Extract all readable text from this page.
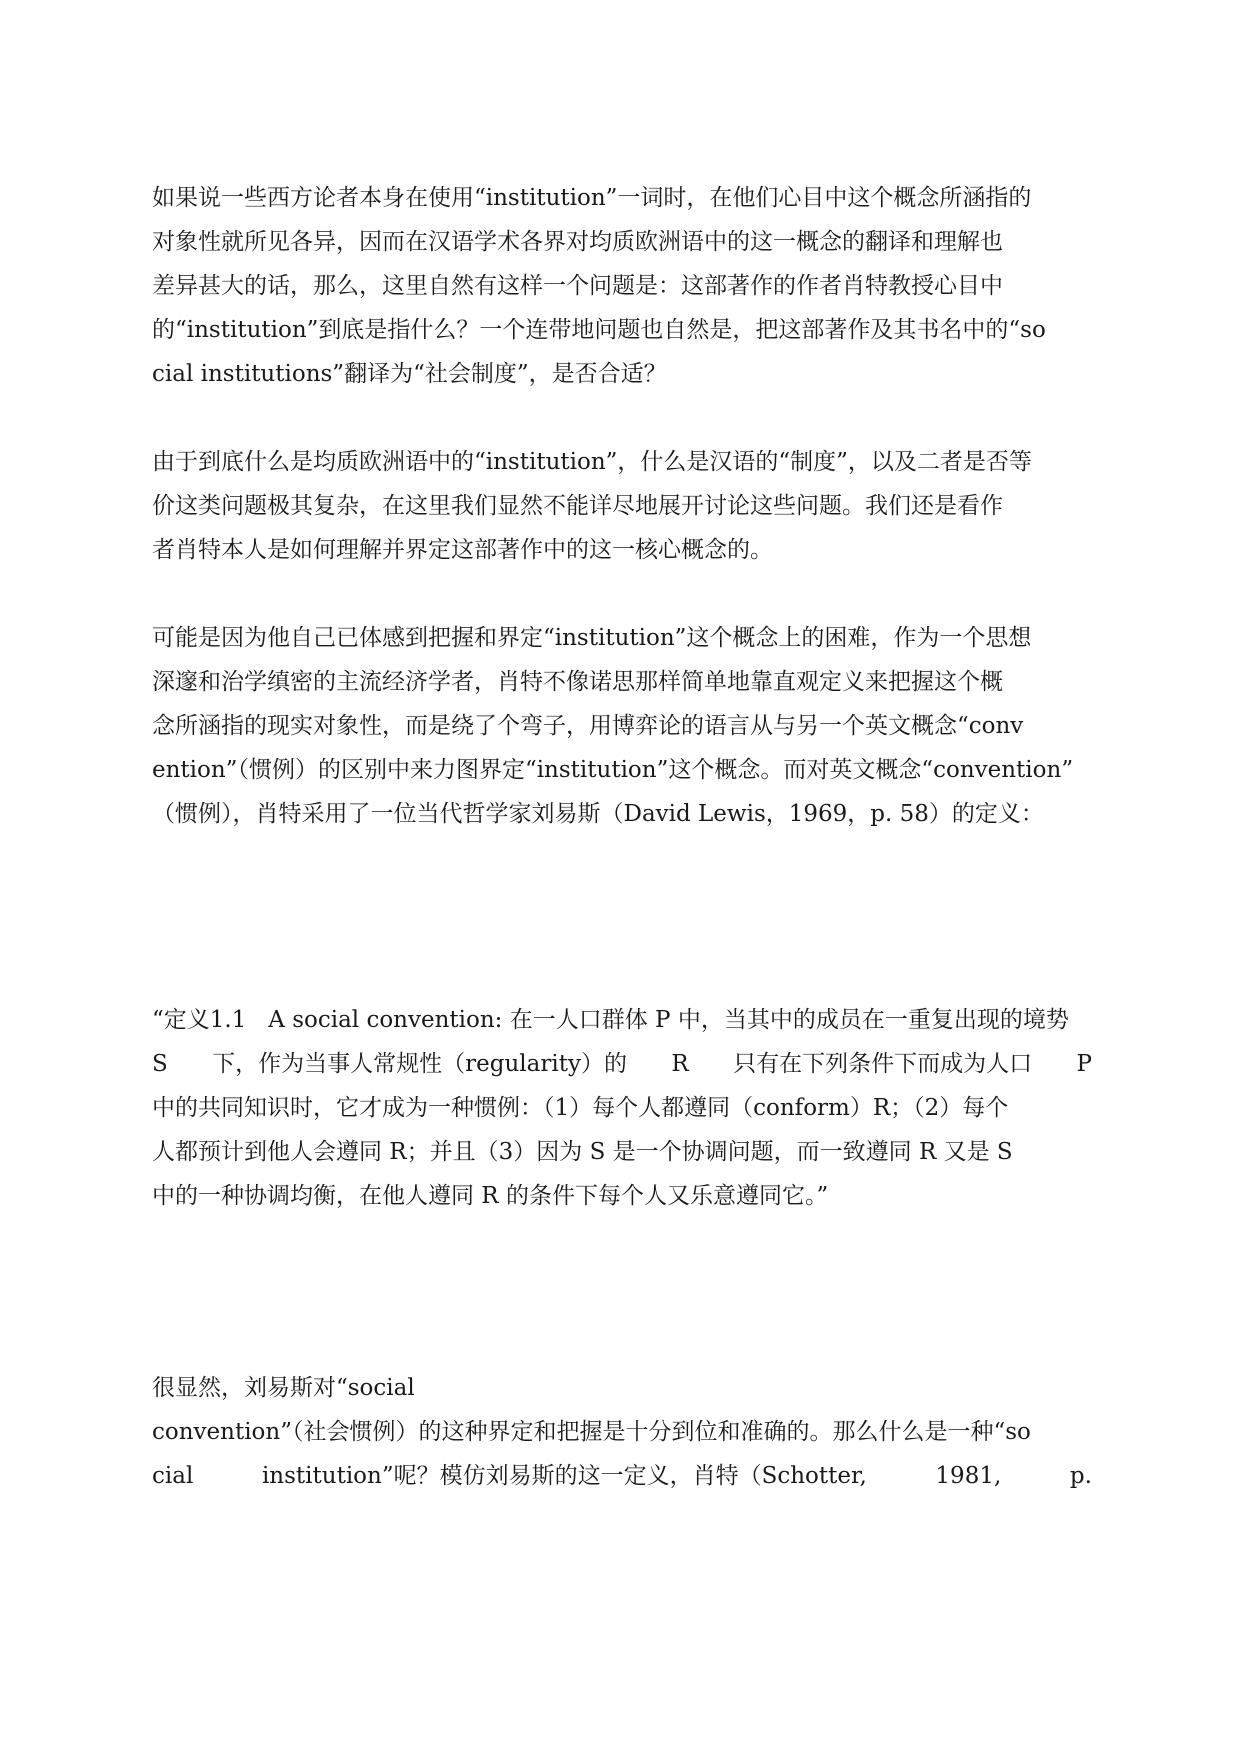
如果说一些西方论者本身在使用“institution”一词时，在他们心目中这个概念所涵指的
对象性就所见各异，因而在汉语学术各界对均质欧洲语中的这一概念的翻译和理解也
差异甚大的话，那么，这里自然有这样一个问题是：这部著作的作者肖特教授心目中
的“institution”到底是指什么？一个连带地问题也自然是，把这部著作及其书名中的“so
cial institutions”翻译为“社会制度”，是否合适？
由于到底什么是均质欧洲语中的“institution”，什么是汉语的“制度”，以及二者是否等
价这类问题极其复杂，在这里我们显然不能详尽地展开讨论这些问题。我们还是看作
者肖特本人是如何理解并界定这部著作中的这一核心概念的。
可能是因为他自己已体感到把握和界定“institution”这个概念上的困难，作为一个思想
深邃和治学缜密的主流经济学者，肖特不像诺思那样简单地靠直观定义来把握这个概
念所涵指的现实对象性，而是绕了个弯子，用博弈论的语言从与另一个英文概念“conv
ention”（惯例）的区别中来力图界定“institution”这个概念。而对英文概念“convention”
（惯例），肖特采用了一位当代哲学家刘易斯（David Lewis，1969，p. 58）的定义：
“定义1.1   A social convention: 在一人口群体 P 中，当其中的成员在一重复出现的境势
S 下，作为当事人常规性（regularity）的 R 只有在下列条件下而成为人口 P
中的共同知识时，它才成为一种惯例：（1）每个人都遵同（conform）R；（2）每个
人都预计到他人会遵同 R；并且（3）因为 S 是一个协调问题，而一致遵同 R 又是 S
中的一种协调均衡，在他人遵同 R 的条件下每个人又乐意遵同它。”
很显然，刘易斯对“social
convention”（社会惯例）的这种界定和把握是十分到位和准确的。那么什么是一种“so
cial	institution”呢？模仿刘易斯的这一定义，肖特（Schotter,	1981,	p.
